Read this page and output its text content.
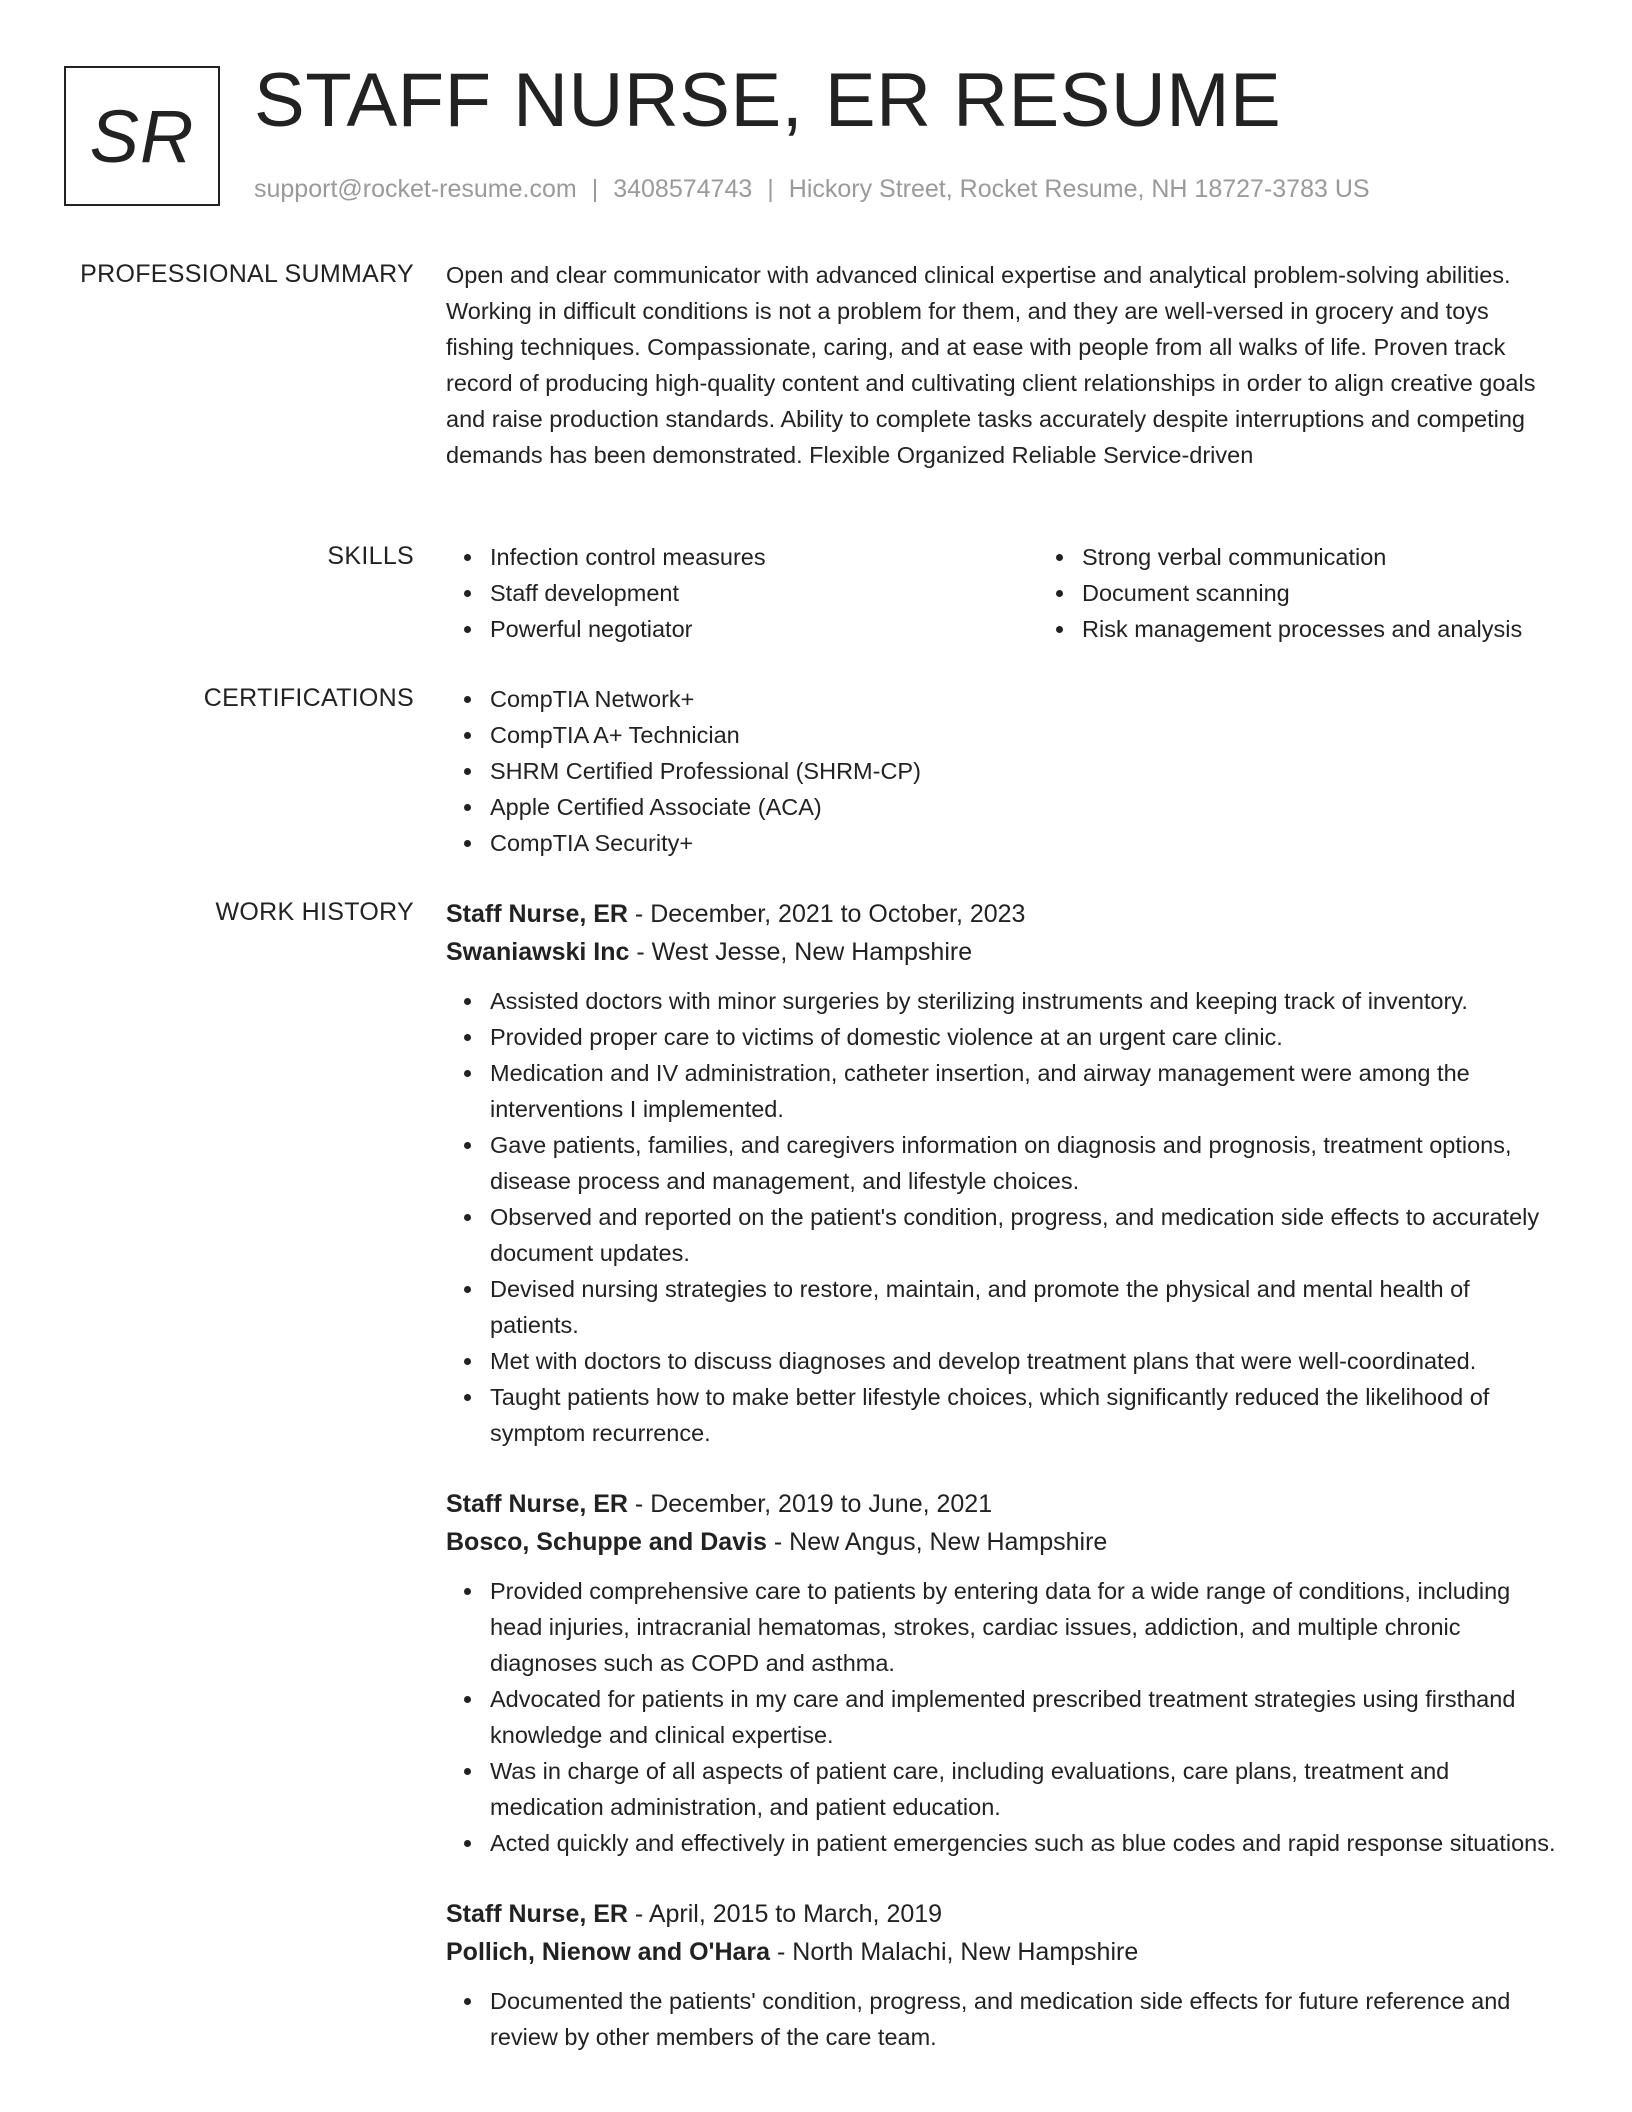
SR STAFF NURSE, ER RESUME
support@rocket-resume.com | 3408574743 | Hickory Street, Rocket Resume, NH 18727-3783 US
PROFESSIONAL SUMMARY Open and clear communicator with advanced clinical expertise and analytical problem-solving abilities. Working in difficult conditions is not a problem for them, and they are well-versed in grocery and toys fishing techniques. Compassionate, caring, and at ease with people from all walks of life. Proven track record of producing high-quality content and cultivating client relationships in order to align creative goals and raise production standards. Ability to complete tasks accurately despite interruptions and competing demands has been demonstrated. Flexible Organized Reliable Service-driven

SKILLS	Infection control measures
Staff development
Powerful negotiator
Strong verbal communication
Document scanning
Risk management processes and analysis
CERTIFICATIONS	CompTIA Network+
CompTIA A+ Technician
SHRM Certified Professional (SHRM-CP)
Apple Certified Associate (ACA)
CompTIA Security+
WORK HISTORY Staff Nurse, ER - December, 2021 to October, 2023
Swaniawski Inc - West Jesse, New Hampshire
Assisted doctors with minor surgeries by sterilizing instruments and keeping track of inventory.
Provided proper care to victims of domestic violence at an urgent care clinic.
Medication and IV administration, catheter insertion, and airway management were among the interventions I implemented.
Gave patients, families, and caregivers information on diagnosis and prognosis, treatment options, disease process and management, and lifestyle choices.
Observed and reported on the patient's condition, progress, and medication side effects to accurately document updates.
Devised nursing strategies to restore, maintain, and promote the physical and mental health of patients.
Met with doctors to discuss diagnoses and develop treatment plans that were well-coordinated.
Taught patients how to make better lifestyle choices, which significantly reduced the likelihood of symptom recurrence.
Staff Nurse, ER - December, 2019 to June, 2021
Bosco, Schuppe and Davis - New Angus, New Hampshire
Provided comprehensive care to patients by entering data for a wide range of conditions, including head injuries, intracranial hematomas, strokes, cardiac issues, addiction, and multiple chronic diagnoses such as COPD and asthma.
Advocated for patients in my care and implemented prescribed treatment strategies using firsthand knowledge and clinical expertise.
Was in charge of all aspects of patient care, including evaluations, care plans, treatment and medication administration, and patient education.
Acted quickly and effectively in patient emergencies such as blue codes and rapid response situations.
Staff Nurse, ER - April, 2015 to March, 2019
Pollich, Nienow and O'Hara - North Malachi, New Hampshire
Documented the patients' condition, progress, and medication side effects for future reference and review by other members of the care team.
